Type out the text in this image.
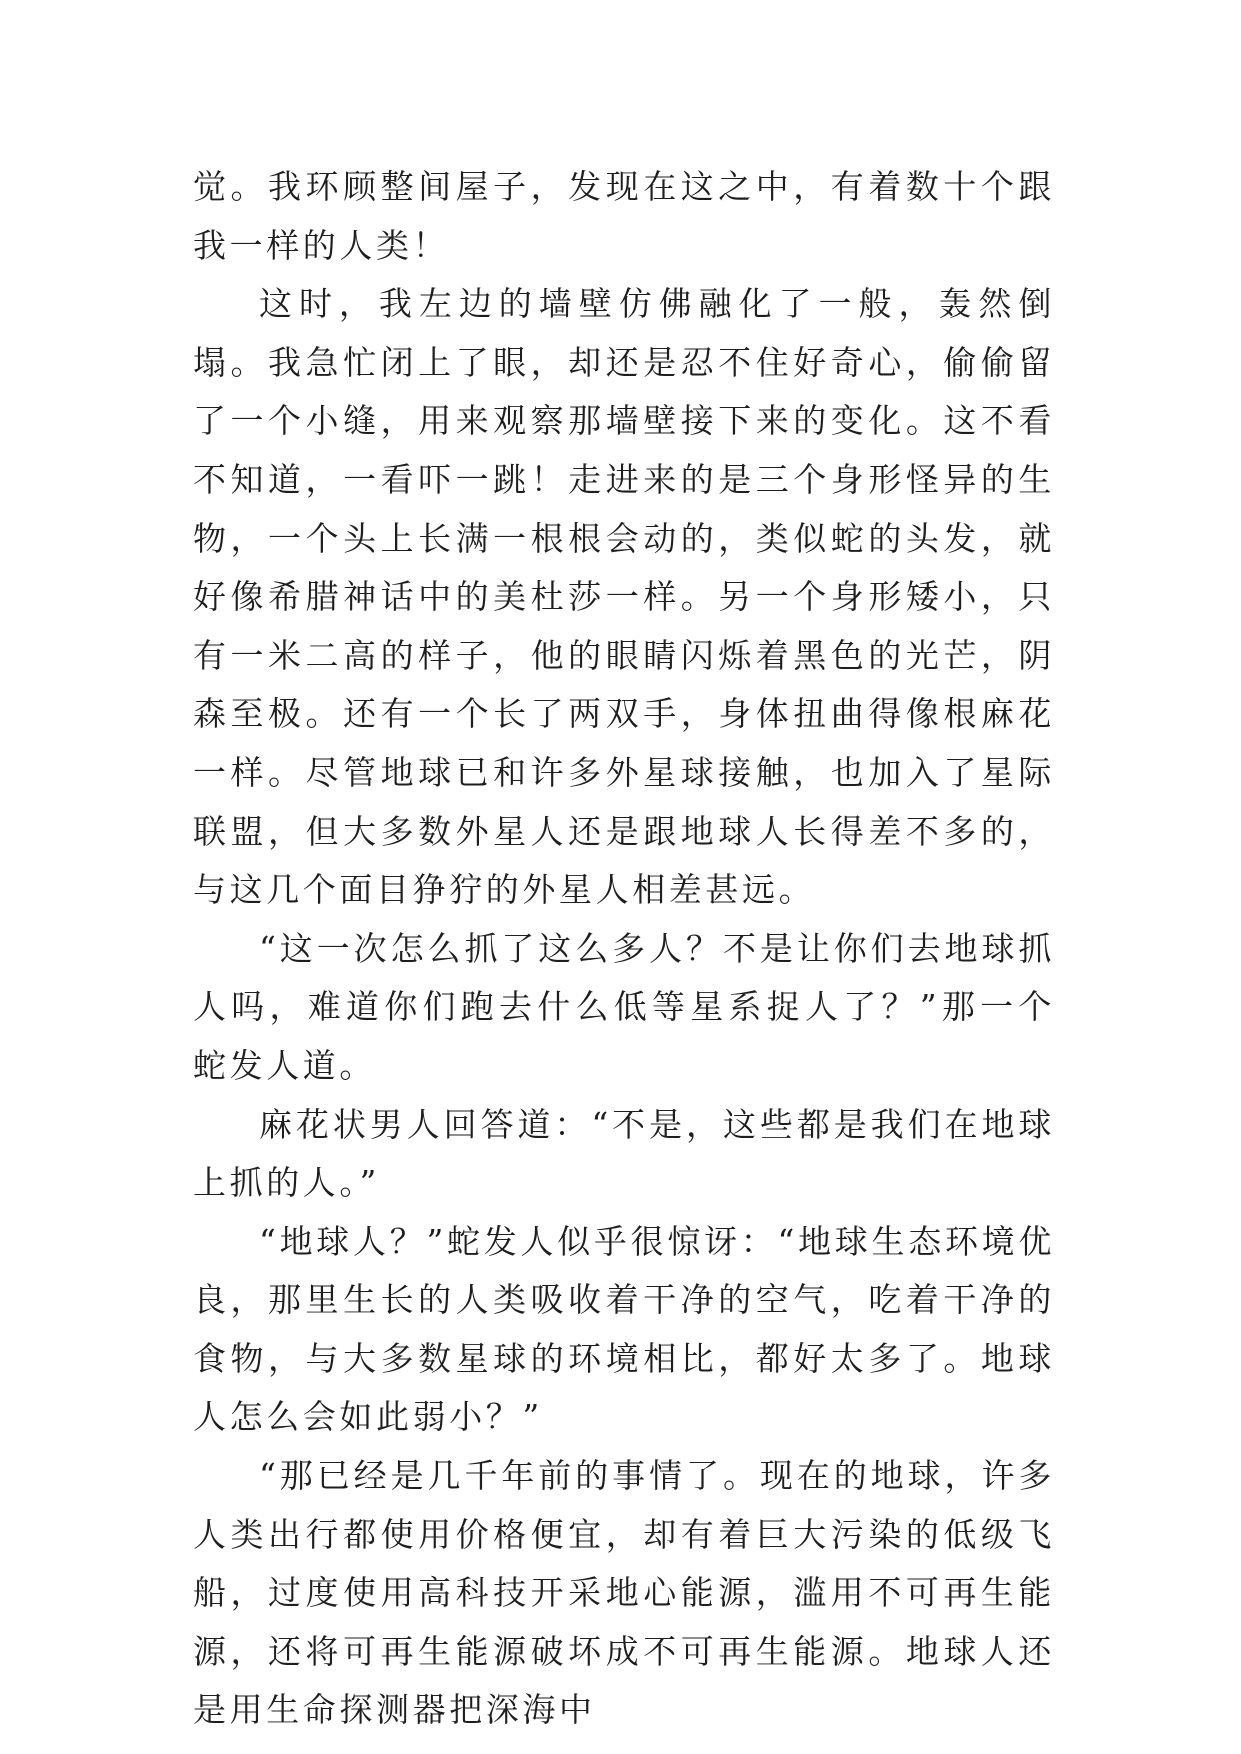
觉。我环顾整间屋子，发现在这之中，有着数十个跟我一样的人类！

这时，我左边的墙壁仿佛融化了一般，轰然倒塌。我急忙闭上了眼，却还是忍不住好奇心，偷偷留了一个小缝，用来观察那墙壁接下来的变化。这不看不知道，一看吓一跳！走进来的是三个身形怪异的生物，一个头上长满一根根会动的，类似蛇的头发，就好像希腊神话中的美杜莎一样。另一个身形矮小，只有一米二高的样子，他的眼睛闪烁着黑色的光芒，阴森至极。还有一个长了两双手，身体扭曲得像根麻花一样。尽管地球已和许多外星球接触，也加入了星际联盟，但大多数外星人还是跟地球人长得差不多的，与这几个面目狰狞的外星人相差甚远。

“这一次怎么抓了这么多人？不是让你们去地球抓人吗，难道你们跑去什么低等星系捉人了？”那一个蛇发人道。

麻花状男人回答道：“不是，这些都是我们在地球上抓的人。”

“地球人？”蛇发人似乎很惊讶：“地球生态环境优良，那里生长的人类吸收着干净的空气，吃着干净的食物，与大多数星球的环境相比，都好太多了。地球人怎么会如此弱小？”

“那已经是几千年前的事情了。现在的地球，许多人类出行都使用价格便宜，却有着巨大污染的低级飞船，过度使用高科技开采地心能源，滥用不可再生能源，还将可再生能源破坏成不可再生能源。地球人还是用生命探测器把深海中
